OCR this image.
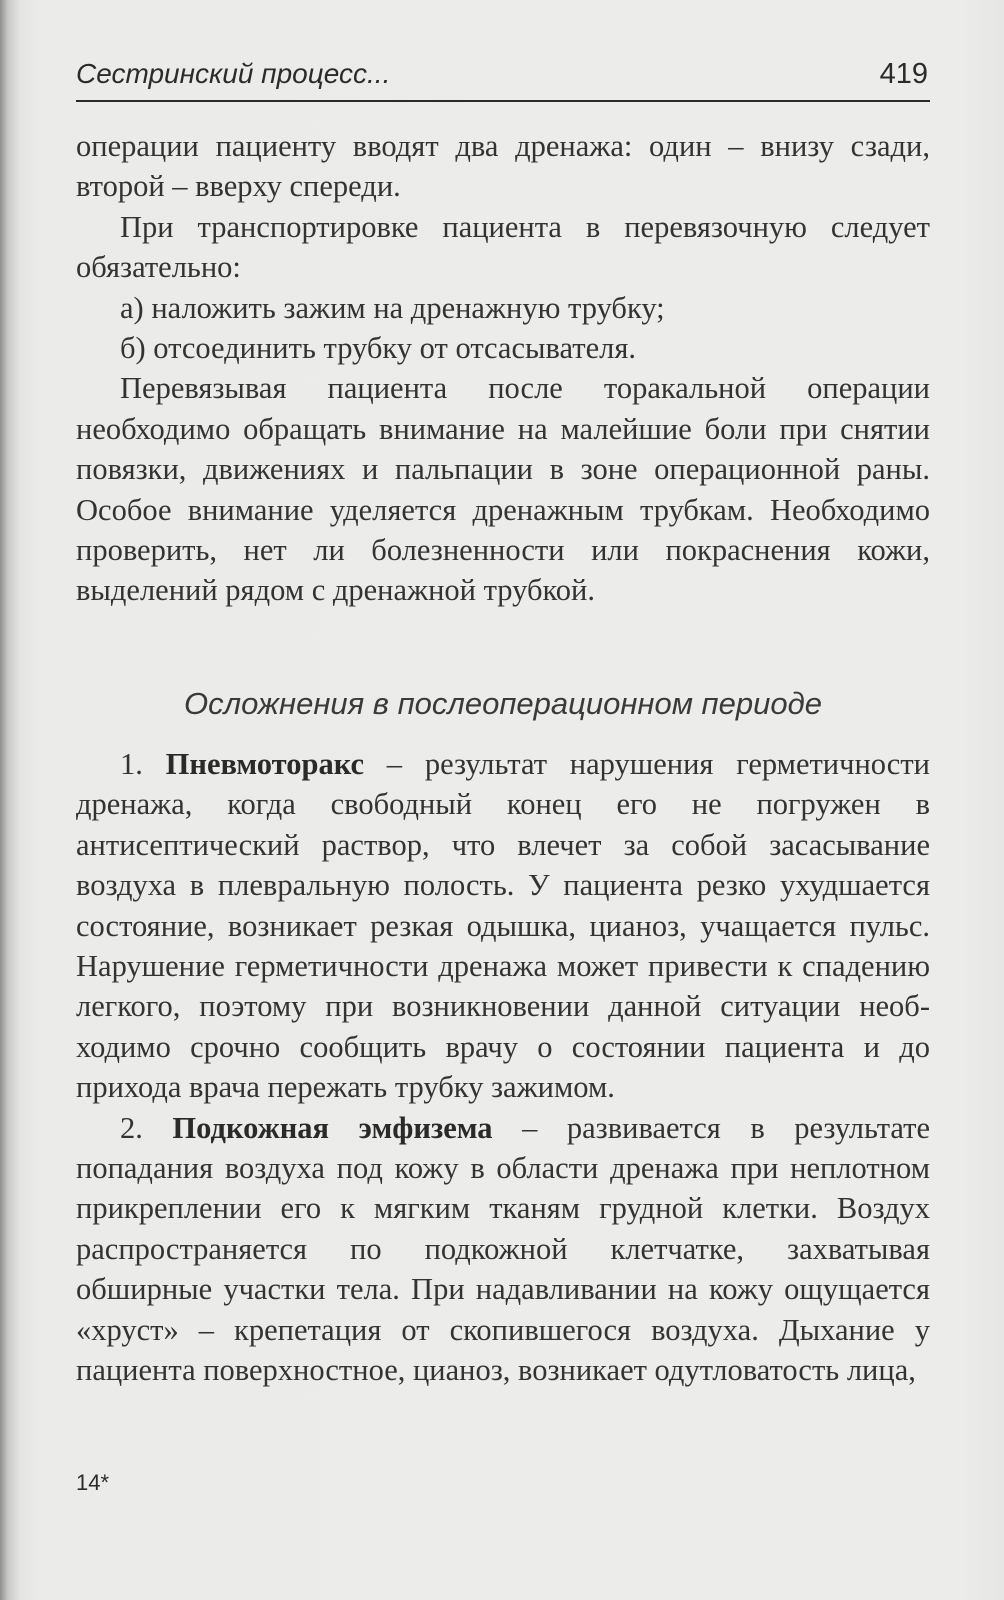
Сестринский процесс...	419

операции пациенту вводят два дренажа: один – внизу сзади, второй – вверху спереди.

При транспортировке пациента в перевязочную следует обязательно:

а) наложить зажим на дренажную трубку;

б) отсоединить трубку от отсасывателя.

Перевязывая пациента после торакальной операции необходимо обращать внимание на малейшие боли при снятии повязки, движениях и пальпации в зоне операционной раны. Особое внимание уделяется дренажным трубкам. Необходимо проверить, нет ли болезненности или покраснения кожи, выделений рядом с дренажной трубкой.

Осложнения в послеоперационном периоде

1. Пневмоторакс – результат нарушения герметичности дренажа, когда свободный конец его не погружен в антисептический раствор, что влечет за собой засасывание воздуха в плевральную полость. У пациента резко ухудшается состояние, возникает резкая одышка, цианоз, учащается пульс. Нарушение герметичности дренажа может привести к спадению легкого, поэтому при возникновении данной ситуации необходимо срочно сообщить врачу о состоянии пациента и до прихода врача пережать трубку зажимом.

2. Подкожная эмфизема – развивается в результате попадания воздуха под кожу в области дренажа при неплотном прикреплении его к мягким тканям грудной клетки. Воздух распространяется по подкожной клетчатке, захватывая обширные участки тела. При надавливании на кожу ощущается «хруст» – крепетация от скопившегося воздуха. Дыхание у пациента поверхностное, цианоз, возникает одутловатость лица,

14*
